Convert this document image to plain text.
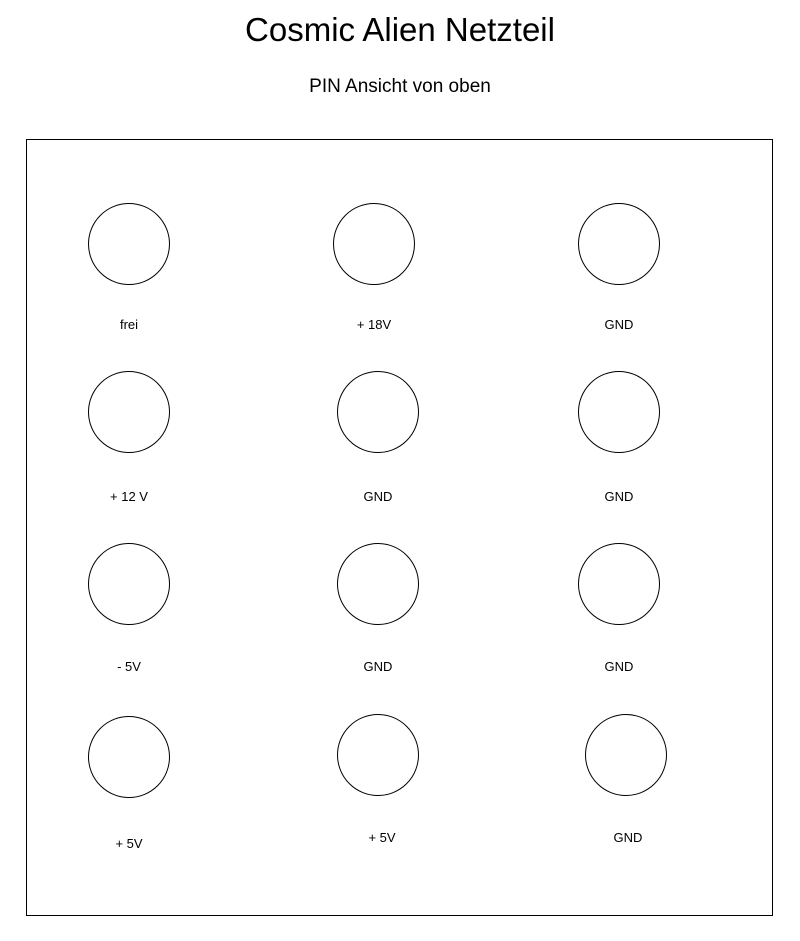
Cosmic Alien Netzteil
PIN Ansicht von oben
frei	+ 18V	GND
+ 12 V	GND	GND
- 5V	GND	GND
+ 5V	+ 5V	GND
